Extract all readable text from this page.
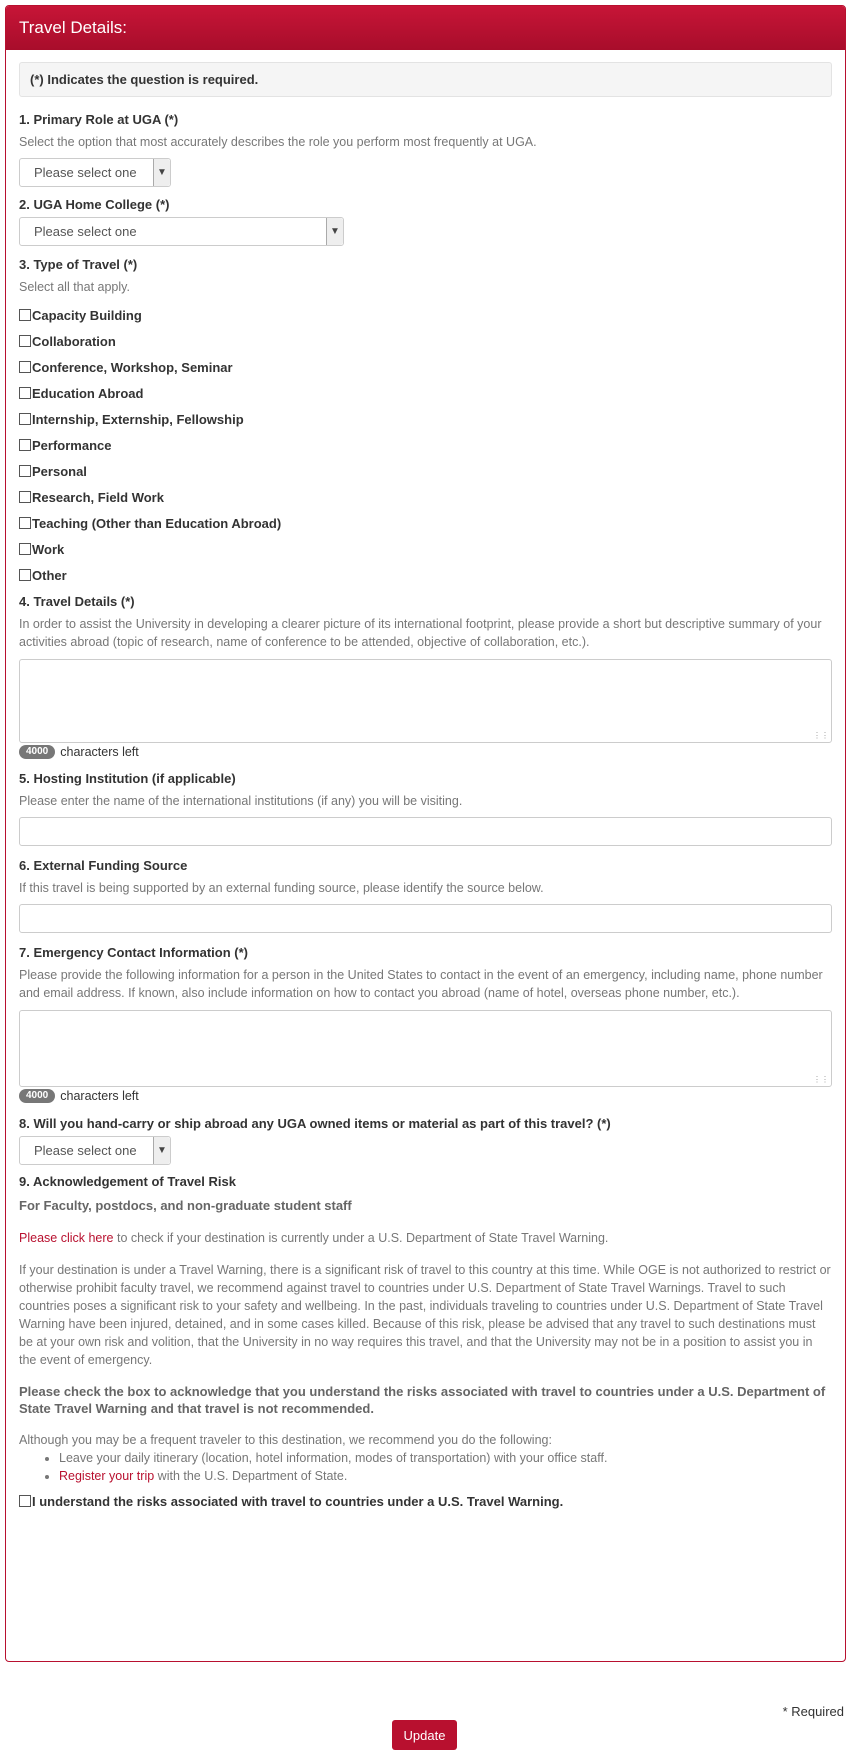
Travel Details:
(*) Indicates the question is required.
1. Primary Role at UGA (*)
Select the option that most accurately describes the role you perform most frequently at UGA.
Please select one	▼
2. UGA Home College (*)
Please select one	▼
3. Type of Travel (*)
Select all that apply.
Capacity Building
Collaboration
Conference, Workshop, Seminar
Education Abroad
Internship, Externship, Fellowship
Performance
Personal
Research, Field Work
Teaching (Other than Education Abroad)
Work
Other
4. Travel Details (*)
In order to assist the University in developing a clearer picture of its international footprint, please provide a short but descriptive summary of your activities abroad (topic of research, name of conference to be attended, objective of collaboration, etc.).
⋮⋮
4000 characters left
5. Hosting Institution (if applicable)
Please enter the name of the international institutions (if any) you will be visiting.
6. External Funding Source
If this travel is being supported by an external funding source, please identify the source below.
7. Emergency Contact Information (*)
Please provide the following information for a person in the United States to contact in the event of an emergency, including name, phone number and email address. If known, also include information on how to contact you abroad (name of hotel, overseas phone number, etc.).
⋮⋮
4000 characters left
8. Will you hand-carry or ship abroad any UGA owned items or material as part of this travel? (*)
Please select one	▼
9. Acknowledgement of Travel Risk
For Faculty, postdocs, and non-graduate student staff
Please click here to check if your destination is currently under a U.S. Department of State Travel Warning.
If your destination is under a Travel Warning, there is a significant risk of travel to this country at this time. While OGE is not authorized to restrict or otherwise prohibit faculty travel, we recommend against travel to countries under U.S. Department of State Travel Warnings. Travel to such countries poses a significant risk to your safety and wellbeing. In the past, individuals traveling to countries under U.S. Department of State Travel Warning have been injured, detained, and in some cases killed. Because of this risk, please be advised that any travel to such destinations must be at your own risk and volition, that the University in no way requires this travel, and that the University may not be in a position to assist you in the event of emergency.
Please check the box to acknowledge that you understand the risks associated with travel to countries under a U.S. Department of State Travel Warning and that travel is not recommended.
Although you may be a frequent traveler to this destination, we recommend you do the following:
• Leave your daily itinerary (location, hotel information, modes of transportation) with your office staff.
• Register your trip with the U.S. Department of State.
I understand the risks associated with travel to countries under a U.S. Travel Warning.
* Required
Update
